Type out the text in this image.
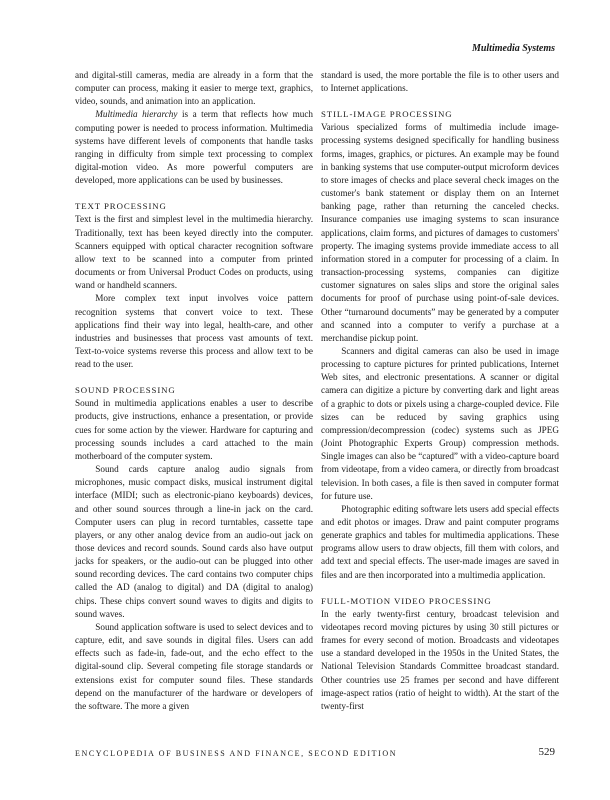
Multimedia Systems

and digital-still cameras, media are already in a form that the computer can process, making it easier to merge text, graphics, video, sounds, and animation into an application.

Multimedia hierarchy is a term that reflects how much computing power is needed to process information. Multimedia systems have different levels of components that handle tasks ranging in difficulty from simple text processing to complex digital-motion video. As more powerful computers are developed, more applications can be used by businesses.

TEXT PROCESSING

Text is the first and simplest level in the multimedia hierarchy. Traditionally, text has been keyed directly into the computer. Scanners equipped with optical character recognition software allow text to be scanned into a computer from printed documents or from Universal Product Codes on products, using wand or handheld scanners.

More complex text input involves voice pattern recognition systems that convert voice to text. These applications find their way into legal, health-care, and other industries and businesses that process vast amounts of text. Text-to-voice systems reverse this process and allow text to be read to the user.

SOUND PROCESSING

Sound in multimedia applications enables a user to describe products, give instructions, enhance a presentation, or provide cues for some action by the viewer. Hardware for capturing and processing sounds includes a card attached to the main motherboard of the computer system.

Sound cards capture analog audio signals from microphones, music compact disks, musical instrument digital interface (MIDI; such as electronic-piano keyboards) devices, and other sound sources through a line-in jack on the card. Computer users can plug in record turntables, cassette tape players, or any other analog device from an audio-out jack on those devices and record sounds. Sound cards also have output jacks for speakers, or the audio-out can be plugged into other sound recording devices. The card contains two computer chips called the AD (analog to digital) and DA (digital to analog) chips. These chips convert sound waves to digits and digits to sound waves.

Sound application software is used to select devices and to capture, edit, and save sounds in digital files. Users can add effects such as fade-in, fade-out, and the echo effect to the digital-sound clip. Several competing file storage standards or extensions exist for computer sound files. These standards depend on the manufacturer of the hardware or developers of the software. The more a given

standard is used, the more portable the file is to other users and to Internet applications.

STILL-IMAGE PROCESSING

Various specialized forms of multimedia include image-processing systems designed specifically for handling business forms, images, graphics, or pictures. An example may be found in banking systems that use computer-output microform devices to store images of checks and place several check images on the customer's bank statement or display them on an Internet banking page, rather than returning the canceled checks. Insurance companies use imaging systems to scan insurance applications, claim forms, and pictures of damages to customers' property. The imaging systems provide immediate access to all information stored in a computer for processing of a claim. In transaction-processing systems, companies can digitize customer signatures on sales slips and store the original sales documents for proof of purchase using point-of-sale devices. Other “turnaround documents” may be generated by a computer and scanned into a computer to verify a purchase at a merchandise pickup point.

Scanners and digital cameras can also be used in image processing to capture pictures for printed publications, Internet Web sites, and electronic presentations. A scanner or digital camera can digitize a picture by converting dark and light areas of a graphic to dots or pixels using a charge-coupled device. File sizes can be reduced by saving graphics using compression/decompression (codec) systems such as JPEG (Joint Photographic Experts Group) compression methods. Single images can also be “captured” with a video-capture board from videotape, from a video camera, or directly from broadcast television. In both cases, a file is then saved in computer format for future use.

Photographic editing software lets users add special effects and edit photos or images. Draw and paint computer programs generate graphics and tables for multimedia applications. These programs allow users to draw objects, fill them with colors, and add text and special effects. The user-made images are saved in files and are then incorporated into a multimedia application.

FULL-MOTION VIDEO PROCESSING

In the early twenty-first century, broadcast television and videotapes record moving pictures by using 30 still pictures or frames for every second of motion. Broadcasts and videotapes use a standard developed in the 1950s in the United States, the National Television Standards Committee broadcast standard. Other countries use 25 frames per second and have different image-aspect ratios (ratio of height to width). At the start of the twenty-first

ENCYCLOPEDIA OF BUSINESS AND FINANCE, SECOND EDITION	529
